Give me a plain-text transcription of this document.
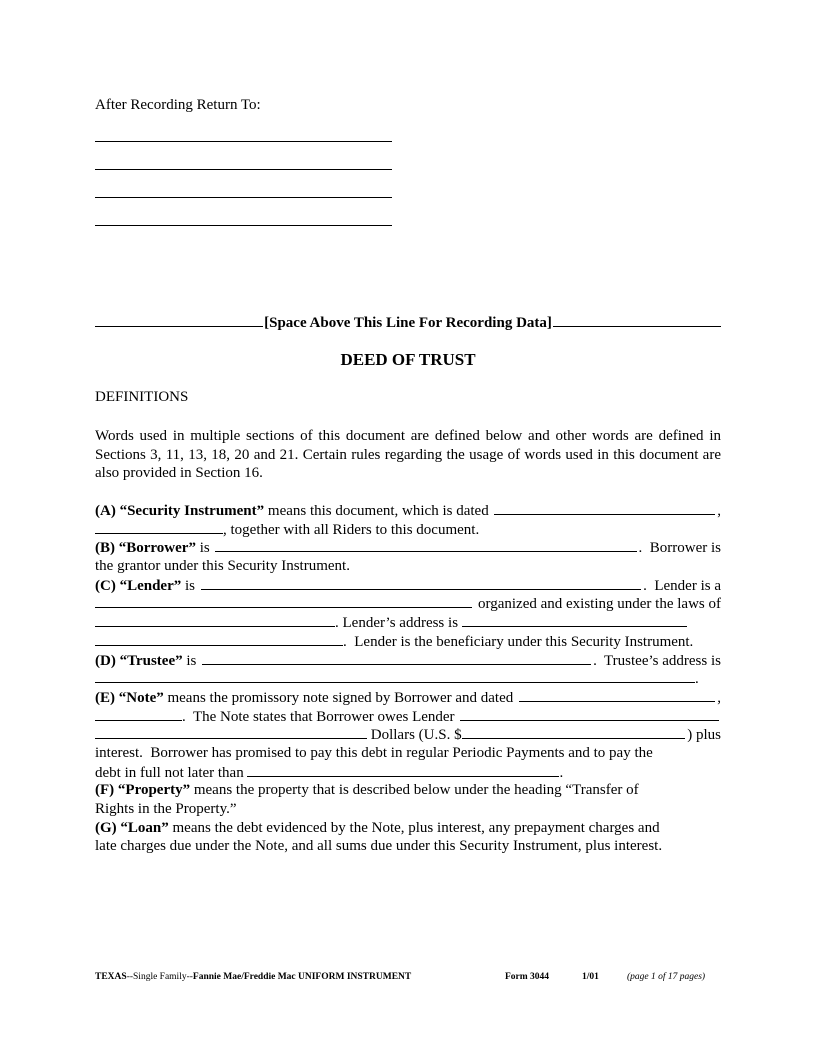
After Recording Return To:
[Space Above This Line For Recording Data]
DEED OF TRUST
DEFINITIONS
Words used in multiple sections of this document are defined below and other words are defined in Sections 3, 11, 13, 18, 20 and 21. Certain rules regarding the usage of words used in this document are also provided in Section 16.
(A) “Security Instrument” means this document, which is dated	,
, together with all Riders to this document.
(B) “Borrower” is	.  Borrower is
the grantor under this Security Instrument.
(C) “Lender” is	.  Lender is a
organized and existing under the laws of
. Lender’s address is
.  Lender is the beneficiary under this Security Instrument.
(D) “Trustee” is	.  Trustee’s address is
.
(E) “Note” means the promissory note signed by Borrower and dated	,
.  The Note states that Borrower owes Lender
Dollars (U.S. $	) plus
interest.  Borrower has promised to pay this debt in regular Periodic Payments and to pay the
debt in full not later than	.
(F) “Property” means the property that is described below under the heading “Transfer of
Rights in the Property.”
(G) “Loan” means the debt evidenced by the Note, plus interest, any prepayment charges and
late charges due under the Note, and all sums due under this Security Instrument, plus interest.
TEXAS--Single Family--Fannie Mae/Freddie Mac UNIFORM INSTRUMENT	Form 3044	1/01	(page 1 of 17 pages)
